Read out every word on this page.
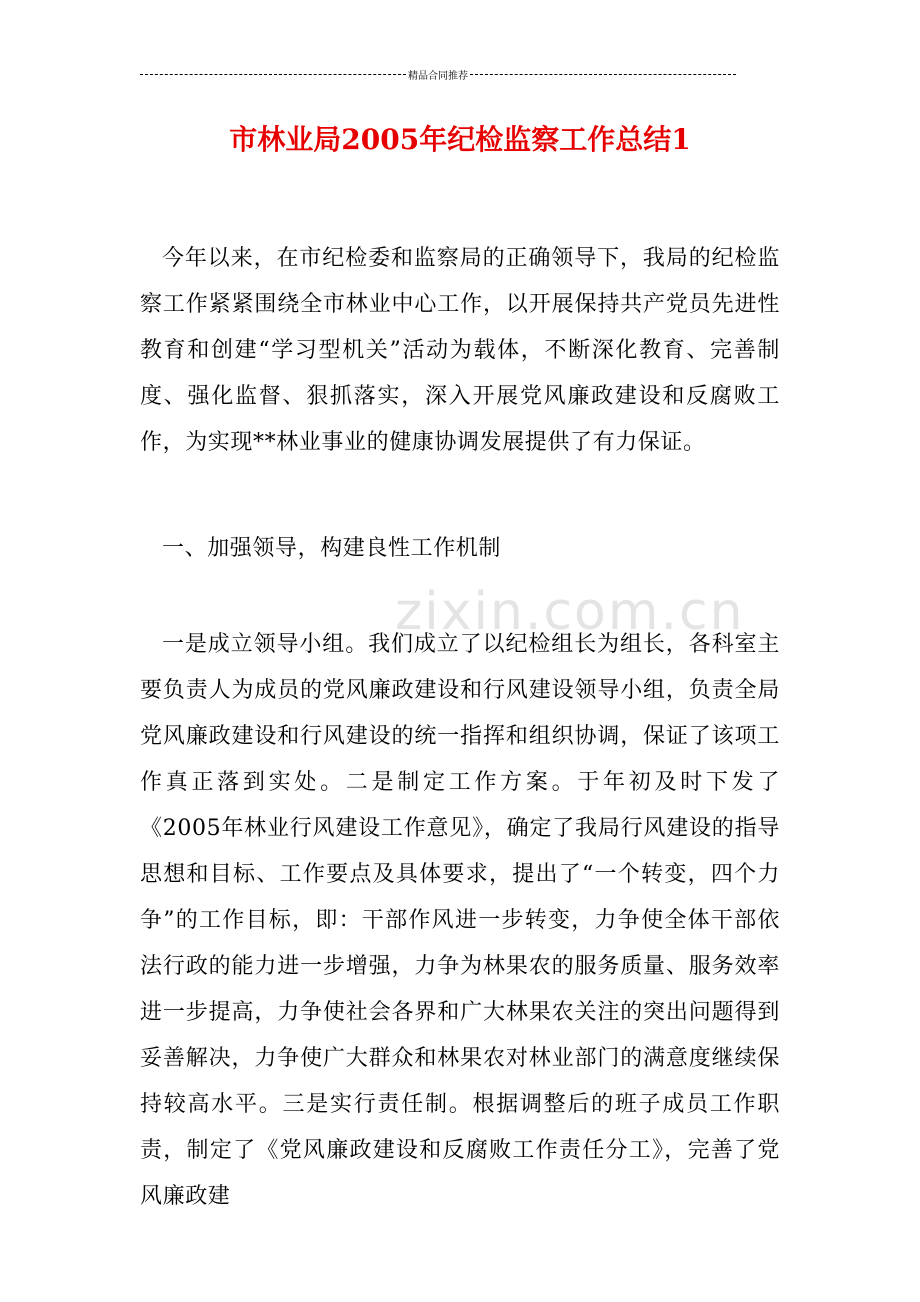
精品合同推荐
市林业局2005年纪检监察工作总结1
zixin.com.cn

今年以来，在市纪检委和监察局的正确领导下，我局的纪检监察工作紧紧围绕全市林业中心工作，以开展保持共产党员先进性教育和创建“学习型机关”活动为载体，不断深化教育、完善制度、强化监督、狠抓落实，深入开展党风廉政建设和反腐败工作，为实现**林业事业的健康协调发展提供了有力保证。

一、加强领导，构建良性工作机制

一是成立领导小组。我们成立了以纪检组长为组长，各科室主要负责人为成员的党风廉政建设和行风建设领导小组，负责全局党风廉政建设和行风建设的统一指挥和组织协调，保证了该项工作真正落到实处。二是制定工作方案。于年初及时下发了《2005年林业行风建设工作意见》，确定了我局行风建设的指导思想和目标、工作要点及具体要求，提出了“一个转变，四个力争”的工作目标，即：干部作风进一步转变，力争使全体干部依法行政的能力进一步增强，力争为林果农的服务质量、服务效率进一步提高，力争使社会各界和广大林果农关注的突出问题得到妥善解决，力争使广大群众和林果农对林业部门的满意度继续保持较高水平。三是实行责任制。根据调整后的班子成员工作职责，制定了《党风廉政建设和反腐败工作责任分工》，完善了党风廉政建
